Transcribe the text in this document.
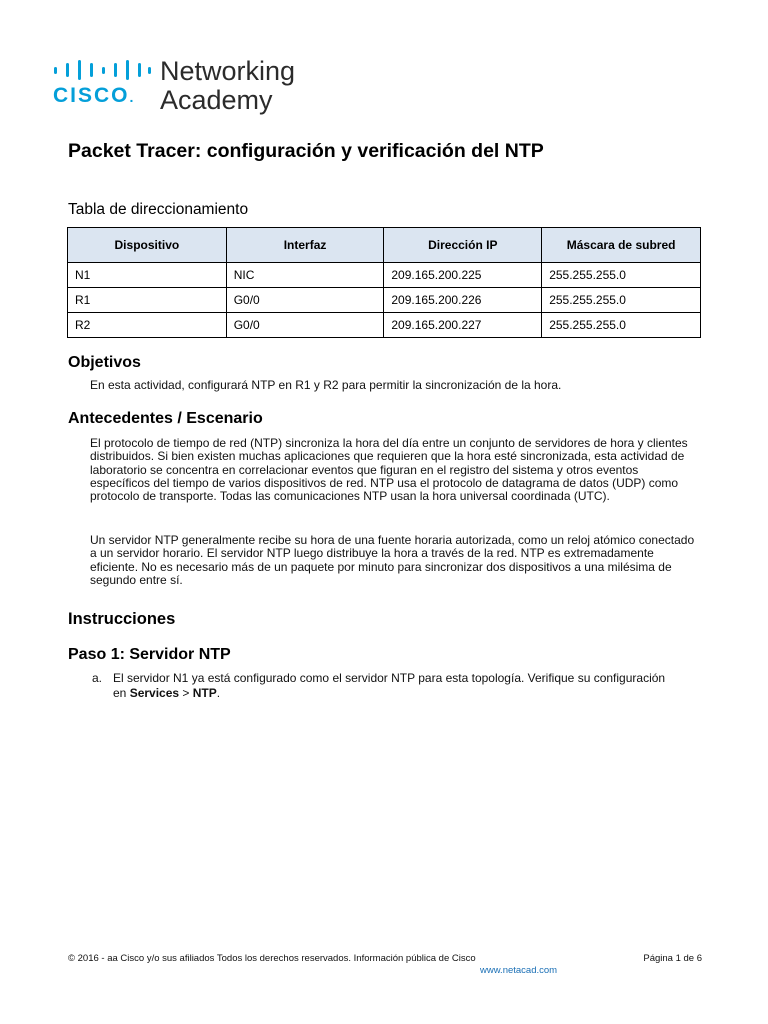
CISCO.
Networking
Academy
Packet Tracer: configuración y verificación del NTP
Tabla de direccionamiento
Dispositivo	Interfaz	Dirección IP	Máscara de subred
N1	NIC	209.165.200.225	255.255.255.0
R1	G0/0	209.165.200.226	255.255.255.0
R2	G0/0	209.165.200.227	255.255.255.0
Objetivos

En esta actividad, configurará NTP en R1 y R2 para permitir la sincronización de la hora.

Antecedentes / Escenario

El protocolo de tiempo de red (NTP) sincroniza la hora del día entre un conjunto de servidores de hora y clientes distribuidos. Si bien existen muchas aplicaciones que requieren que la hora esté sincronizada, esta actividad de laboratorio se concentra en correlacionar eventos que figuran en el registro del sistema y otros eventos específicos del tiempo de varios dispositivos de red. NTP usa el protocolo de datagrama de datos (UDP) como protocolo de transporte. Todas las comunicaciones NTP usan la hora universal coordinada (UTC).

Un servidor NTP generalmente recibe su hora de una fuente horaria autorizada, como un reloj atómico conectado a un servidor horario. El servidor NTP luego distribuye la hora a través de la red. NTP es extremadamente eficiente. No es necesario más de un paquete por minuto para sincronizar dos dispositivos a una milésima de segundo entre sí.

Instrucciones
Paso 1: Servidor NTP
a. El servidor N1 ya está configurado como el servidor NTP para esta topología. Verifique su configuración
en Services > NTP.
© 2016 - aa Cisco y/o sus afiliados Todos los derechos reservados. Información pública de Cisco	Página 1 de 6
www.netacad.com
